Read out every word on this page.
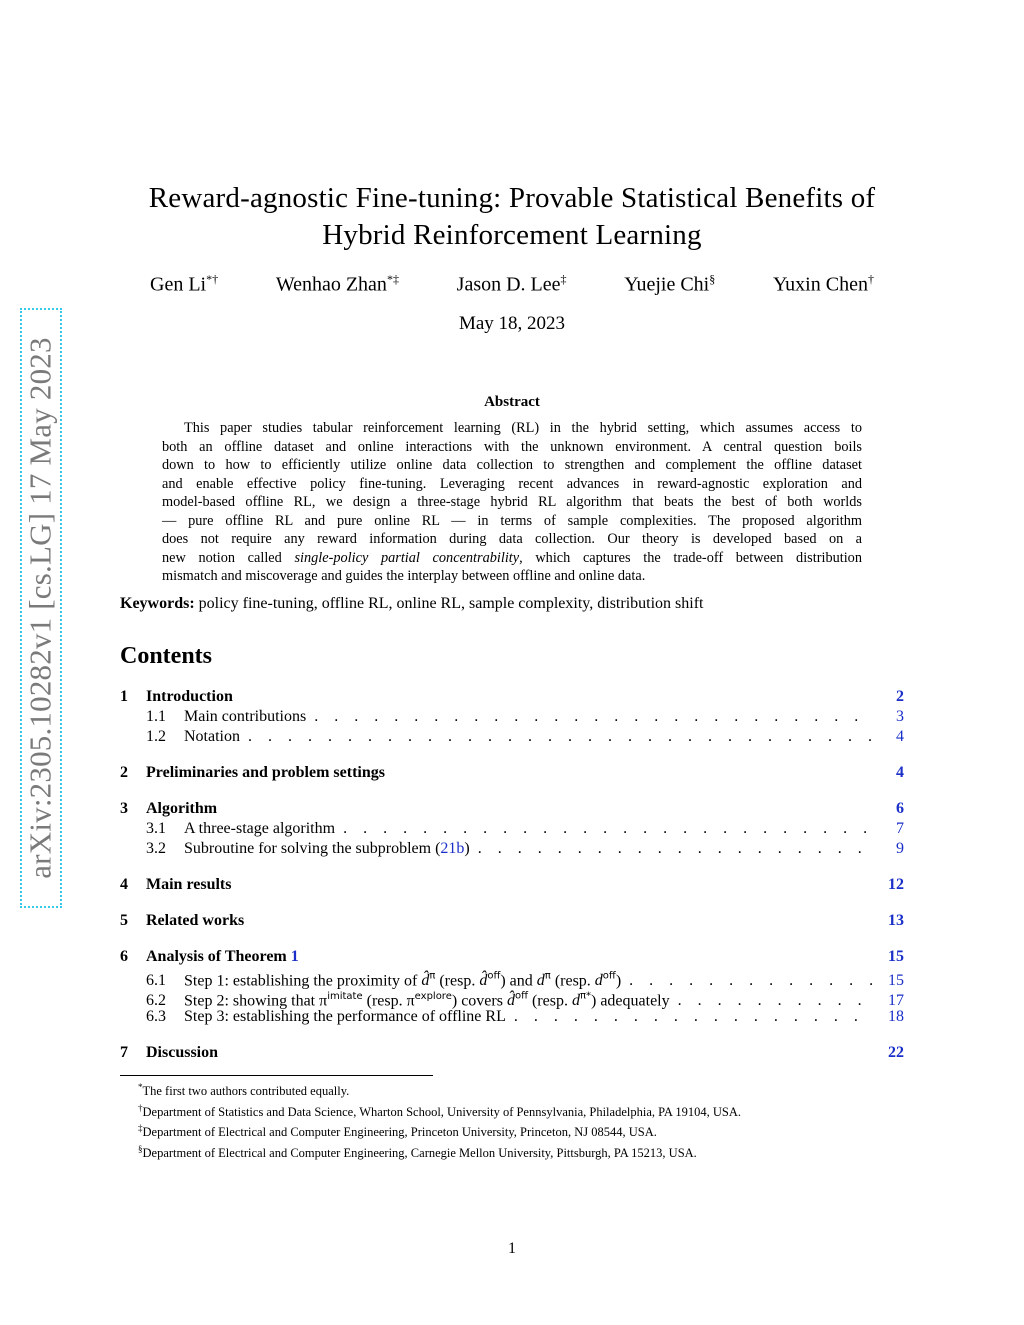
arXiv:2305.10282v1 [cs.LG] 17 May 2023
Reward-agnostic Fine-tuning: Provable Statistical Benefits of
Hybrid Reinforcement Learning
Gen Li*†	Wenhao Zhan*‡	Jason D. Lee‡	Yuejie Chi§	Yuxin Chen†
May 18, 2023
Abstract
This paper studies tabular reinforcement learning (RL) in the hybrid setting, which assumes access to
both an offline dataset and online interactions with the unknown environment. A central question boils
down to how to efficiently utilize online data collection to strengthen and complement the offline dataset
and enable effective policy fine-tuning. Leveraging recent advances in reward-agnostic exploration and
model-based offline RL, we design a three-stage hybrid RL algorithm that beats the best of both worlds
— pure offline RL and pure online RL — in terms of sample complexities. The proposed algorithm
does not require any reward information during data collection. Our theory is developed based on a
new notion called single-policy partial concentrability, which captures the trade-off between distribution
mismatch and miscoverage and guides the interplay between offline and online data.
Keywords: policy fine-tuning, offline RL, online RL, sample complexity, distribution shift
Contents
1	Introduction	2
1.1	Main contributions . . .	3
1.2	Notation . . .	4
2	Preliminaries and problem settings	4
3	Algorithm	6
3.1	A three-stage algorithm . . .	7
3.2	Subroutine for solving the subproblem (21b) . . .	9
4	Main results	12
5	Related works	13
6	Analysis of Theorem 1	15
6.1	Step 1: establishing the proximity of d̂$^\pi$ (resp. d̂$^{off}$) and $d^\pi$ (resp. $d^{off}$) . . .	15
6.2	Step 2: showing that $\pi^{imitate}$ (resp. $\pi^{explore}$) covers d̂$^{off}$ (resp. $d^{\pi*}$) adequately . . .	17
6.3	Step 3: establishing the performance of offline RL . . .	18
7	Discussion	22
*The first two authors contributed equally.
†Department of Statistics and Data Science, Wharton School, University of Pennsylvania, Philadelphia, PA 19104, USA.
‡Department of Electrical and Computer Engineering, Princeton University, Princeton, NJ 08544, USA.
§Department of Electrical and Computer Engineering, Carnegie Mellon University, Pittsburgh, PA 15213, USA.
1
